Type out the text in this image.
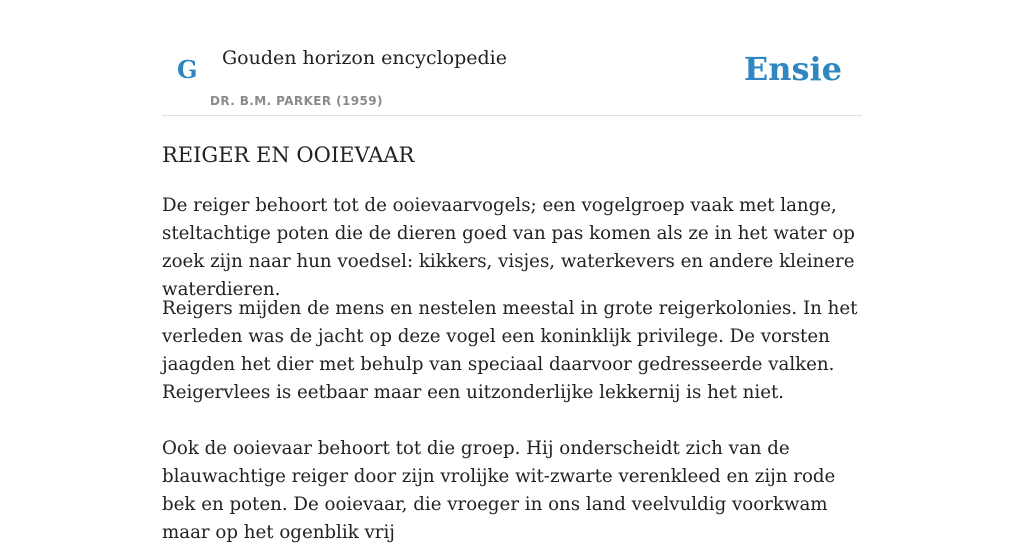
G Gouden horizon encyclopedie
DR. B.M. PARKER (1959)
Ensie
REIGER EN OOIEVAAR

De reiger behoort tot de ooievaarvogels; een vogelgroep vaak met lange, steltachtige poten die de dieren goed van pas komen als ze in het water op zoek zijn naar hun voedsel: kikkers, visjes, waterkevers en andere kleinere waterdieren.

Reigers mijden de mens en nestelen meestal in grote reigerkolonies. In het verleden was de jacht op deze vogel een koninklijk privilege. De vorsten jaagden het dier met behulp van speciaal daarvoor gedresseerde valken. Reigervlees is eetbaar maar een uitzonderlijke lekkernij is het niet.

Ook de ooievaar behoort tot die groep. Hij onderscheidt zich van de blauwachtige reiger door zijn vrolijke wit-zwarte verenkleed en zijn rode bek en poten. De ooievaar, die vroeger in ons land veelvuldig voorkwam maar op het ogenblik vrij
